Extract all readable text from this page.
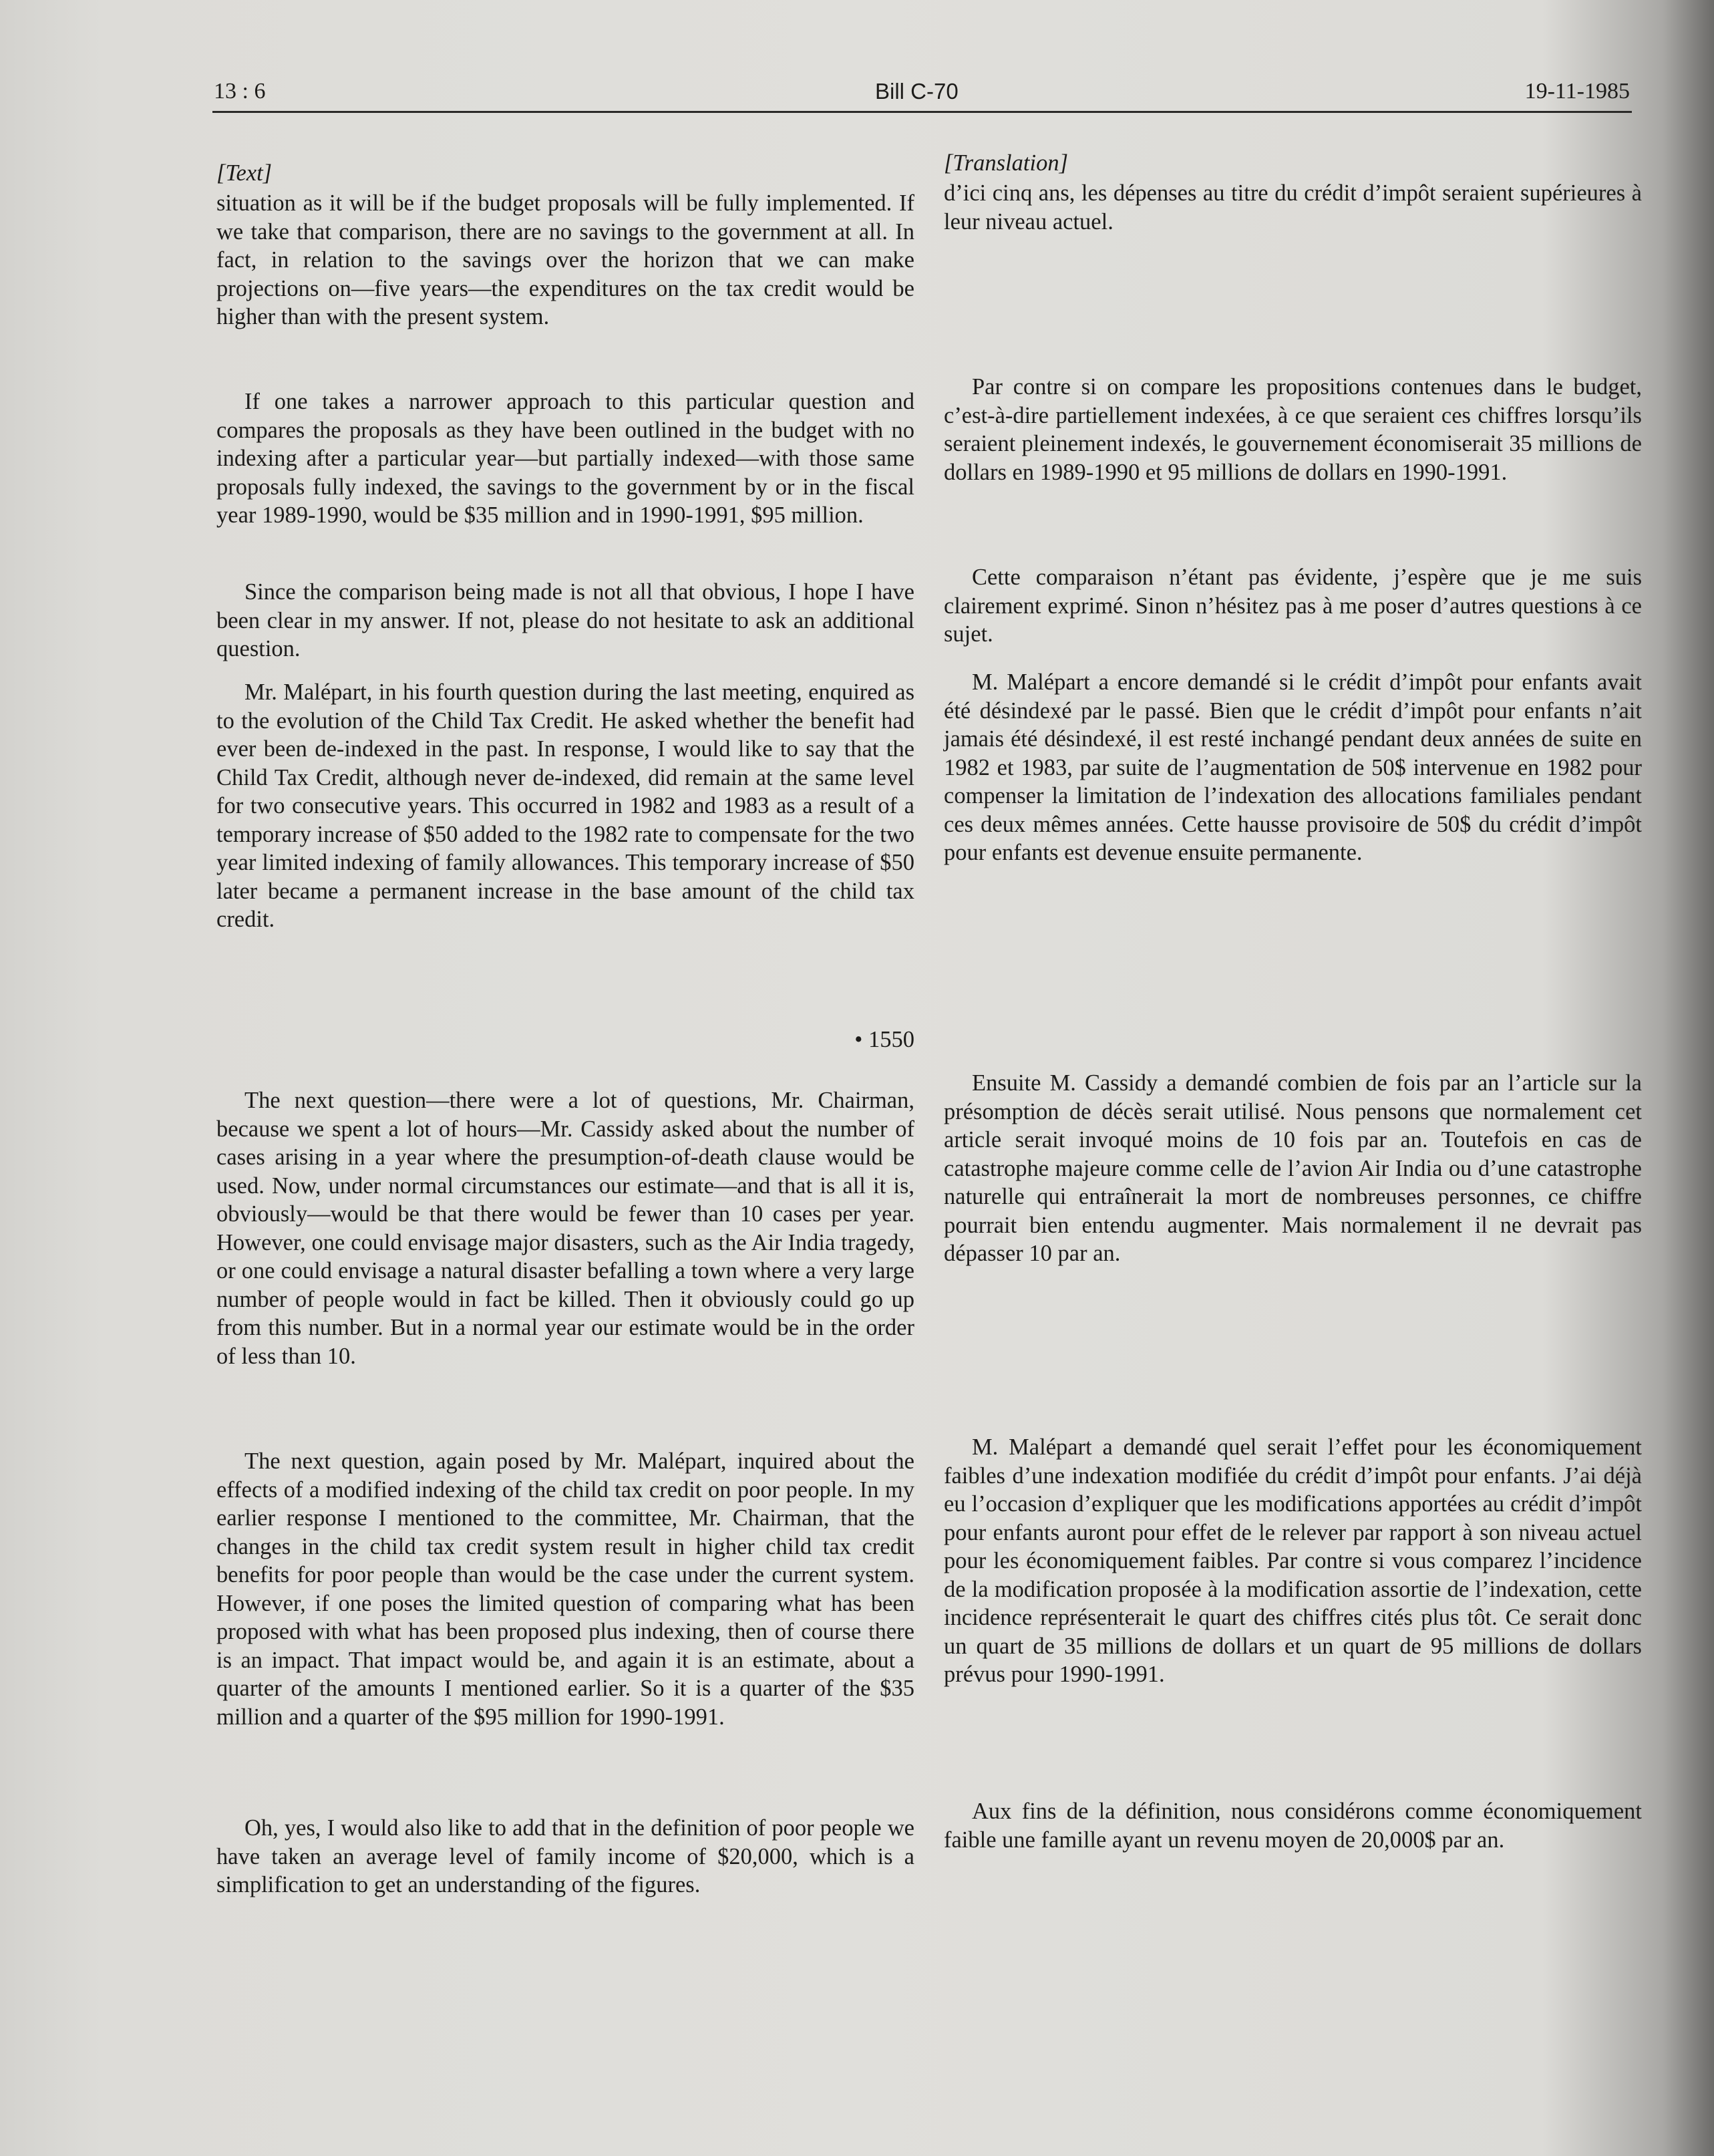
13 : 6	Bill C-70	19-11-1985

[Text]

situation as it will be if the budget proposals will be fully implemented. If we take that comparison, there are no savings to the government at all. In fact, in relation to the savings over the horizon that we can make projections on—five years—the expenditures on the tax credit would be higher than with the present system.

If one takes a narrower approach to this particular question and compares the proposals as they have been outlined in the budget with no indexing after a particular year—but partially indexed—with those same proposals fully indexed, the savings to the government by or in the fiscal year 1989-1990, would be $35 million and in 1990-1991, $95 million.

Since the comparison being made is not all that obvious, I hope I have been clear in my answer. If not, please do not hesitate to ask an additional question.

Mr. Malépart, in his fourth question during the last meeting, enquired as to the evolution of the Child Tax Credit. He asked whether the benefit had ever been de-indexed in the past. In response, I would like to say that the Child Tax Credit, although never de-indexed, did remain at the same level for two consecutive years. This occurred in 1982 and 1983 as a result of a temporary increase of $50 added to the 1982 rate to compensate for the two year limited indexing of family allowances. This temporary increase of $50 later became a permanent increase in the base amount of the child tax credit.

• 1550

The next question—there were a lot of questions, Mr. Chairman, because we spent a lot of hours—Mr. Cassidy asked about the number of cases arising in a year where the presumption-of-death clause would be used. Now, under normal circumstances our estimate—and that is all it is, obviously—would be that there would be fewer than 10 cases per year. However, one could envisage major disasters, such as the Air India tragedy, or one could envisage a natural disaster befalling a town where a very large number of people would in fact be killed. Then it obviously could go up from this number. But in a normal year our estimate would be in the order of less than 10.

The next question, again posed by Mr. Malépart, inquired about the effects of a modified indexing of the child tax credit on poor people. In my earlier response I mentioned to the committee, Mr. Chairman, that the changes in the child tax credit system result in higher child tax credit benefits for poor people than would be the case under the current system. However, if one poses the limited question of comparing what has been proposed with what has been proposed plus indexing, then of course there is an impact. That impact would be, and again it is an estimate, about a quarter of the amounts I mentioned earlier. So it is a quarter of the $35 million and a quarter of the $95 million for 1990-1991.

Oh, yes, I would also like to add that in the definition of poor people we have taken an average level of family income of $20,000, which is a simplification to get an understanding of the figures.

[Translation]

d’ici cinq ans, les dépenses au titre du crédit d’impôt seraient supérieures à leur niveau actuel.

Par contre si on compare les propositions contenues dans le budget, c’est-à-dire partiellement indexées, à ce que seraient ces chiffres lorsqu’ils seraient pleinement indexés, le gouvernement économiserait 35 millions de dollars en 1989-1990 et 95 millions de dollars en 1990-1991.

Cette comparaison n’étant pas évidente, j’espère que je me suis clairement exprimé. Sinon n’hésitez pas à me poser d’autres questions à ce sujet.

M. Malépart a encore demandé si le crédit d’impôt pour enfants avait été désindexé par le passé. Bien que le crédit d’impôt pour enfants n’ait jamais été désindexé, il est resté inchangé pendant deux années de suite en 1982 et 1983, par suite de l’augmentation de 50$ intervenue en 1982 pour compenser la limitation de l’indexation des allocations familiales pendant ces deux mêmes années. Cette hausse provisoire de 50$ du crédit d’impôt pour enfants est devenue ensuite permanente.

Ensuite M. Cassidy a demandé combien de fois par an l’article sur la présomption de décès serait utilisé. Nous pensons que normalement cet article serait invoqué moins de 10 fois par an. Toutefois en cas de catastrophe majeure comme celle de l’avion Air India ou d’une catastrophe naturelle qui entraînerait la mort de nombreuses personnes, ce chiffre pourrait bien entendu augmenter. Mais normalement il ne devrait pas dépasser 10 par an.

M. Malépart a demandé quel serait l’effet pour les économiquement faibles d’une indexation modifiée du crédit d’impôt pour enfants. J’ai déjà eu l’occasion d’expliquer que les modifications apportées au crédit d’impôt pour enfants auront pour effet de le relever par rapport à son niveau actuel pour les économiquement faibles. Par contre si vous comparez l’incidence de la modification proposée à la modification assortie de l’indexation, cette incidence représenterait le quart des chiffres cités plus tôt. Ce serait donc un quart de 35 millions de dollars et un quart de 95 millions de dollars prévus pour 1990-1991.

Aux fins de la définition, nous considérons comme économiquement faible une famille ayant un revenu moyen de 20,000$ par an.
